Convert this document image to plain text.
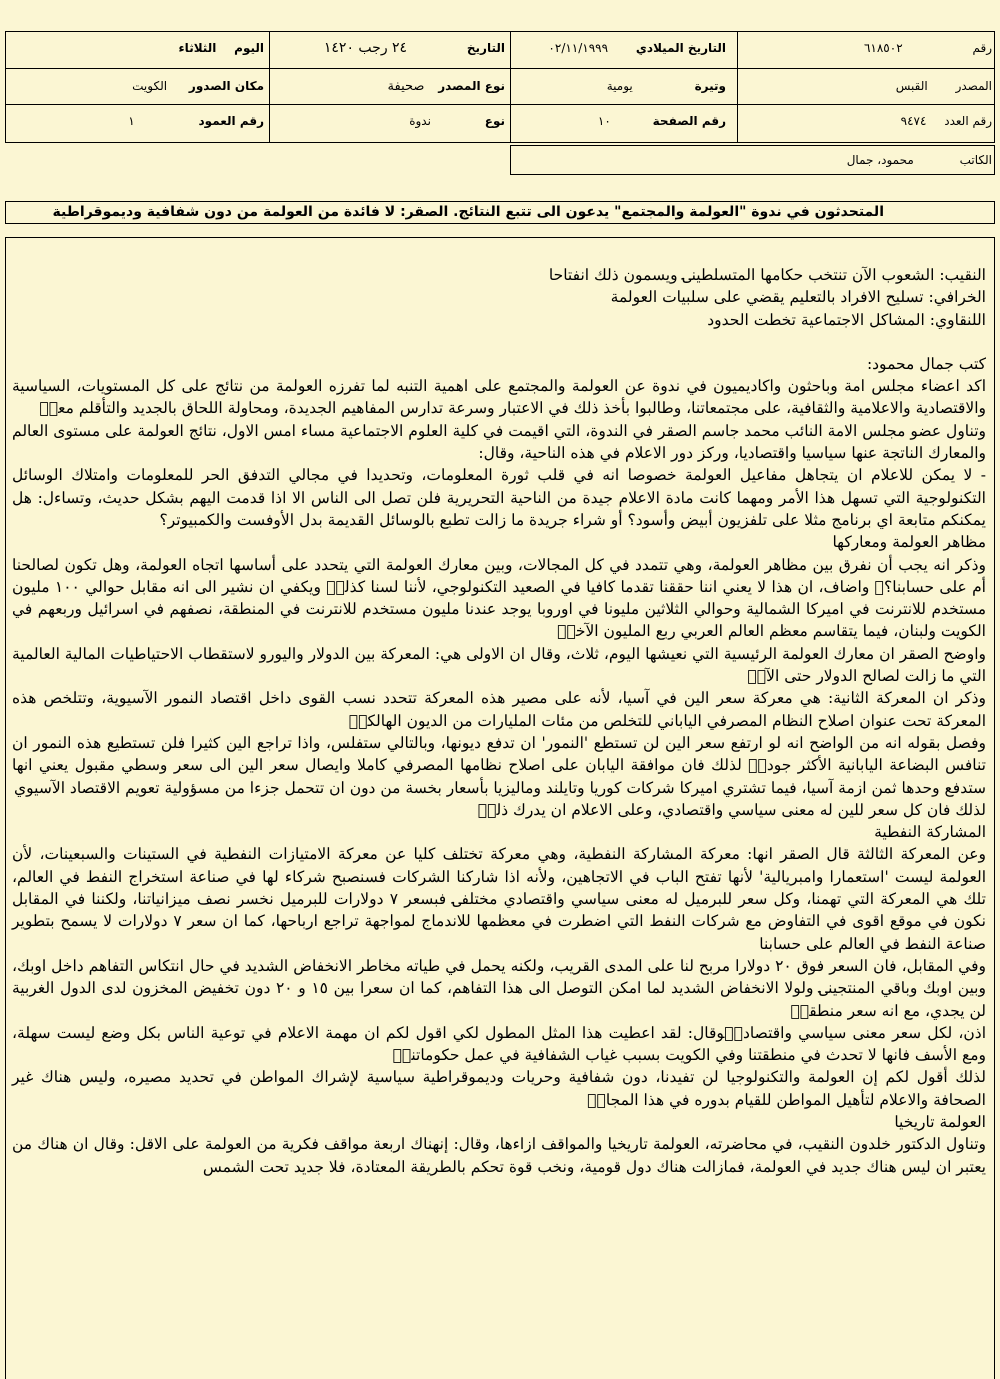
رقم ٦١٨٥٠٢
التاريخ الميلادي ٠٢/١١/١٩٩٩
التاريخ ٢٤ رجب ١٤٢٠
اليوم الثلاثاء
المصدر القبس
وتيرة يومية
نوع المصدر صحيفة
مكان الصدور الكويت
رقم العدد ٩٤٧٤
رقم الصفحة ١٠
نوع ندوة
رقم العمود ١
الكاتب محمود، جمال
المتحدثون في ندوة "العولمة والمجتمع" يدعون الى تتبع النتائج. الصقر: لا فائدة من العولمة من دون شفافية وديموقراطية

النقيب: الشعوب الآن تنتخب حكامها المتسلطينۍ ويسمون ذلك انفتاحا

الخرافي: تسليح الافراد بالتعليم يقضي على سلبيات العولمة

اللنقاوي: المشاكل الاجتماعية تخطت الحدود

كتب جمال محمود:

اكد اعضاء مجلس امة وباحثون واكاديميون في ندوة عن العولمة والمجتمع على اهمية التنبه لما تفرزه العولمة من نتائج على كل المستويات، السياسية والاقتصادية والاعلامية والثقافية، على مجتمعاتنا، وطالبوا بأخذ ذلك في الاعتبار وسرعة تدارس المفاهيم الجديدة، ومحاولة اللحاق بالجديد والتأقلم معهۭ

وتناول عضو مجلس الامة النائب محمد جاسم الصقر في الندوة، التي اقيمت في كلية العلوم الاجتماعية مساء امس الاول، نتائج العولمة على مستوى العالم والمعارك الناتجة عنها سياسيا واقتصاديا، وركز دور الاعلام في هذه الناحية، وقال:

- لا يمكن للاعلام ان يتجاهل مفاعيل العولمة خصوصا انه في قلب ثورة المعلومات، وتحديدا في مجالي التدفق الحر للمعلومات وامتلاك الوسائل التكنولوجية التي تسهل هذا الأمر ومهما كانت مادة الاعلام جيدة من الناحية التحريرية فلن تصل الى الناس الا اذا قدمت اليهم بشكل حديث، وتساءل: هل يمكنكم متابعة اي برنامج مثلا على تلفزيون أبيض وأسود؟ أو شراء جريدة ما زالت تطبع بالوسائل القديمة بدل الأوفست والكمبيوتر؟

مظاهر العولمة ومعاركها

وذكر انه يجب أن نفرق بين مظاهر العولمة، وهي تتمدد في كل المجالات، وبين معارك العولمة التي يتحدد على أساسها اتجاه العولمة، وهل تكون لصالحنا أم على حسابنا؟ۍ واضاف، ان هذا لا يعني اننا حققنا تقدما كافيا في الصعيد التكنولوجي، لأننا لسنا كذلكۭ ويكفي ان نشير الى انه مقابل حوالي ١٠٠ مليون مستخدم للانترنت في اميركا الشمالية وحوالي الثلاثين مليونا في اوروبا يوجد عندنا مليون مستخدم للانترنت في المنطقة، نصفهم في اسرائيل وربعهم في الكويت ولبنان، فيما يتقاسم معظم العالم العربي ربع المليون الآخرۭ

واوضح الصقر ان معارك العولمة الرئيسية التي نعيشها اليوم، ثلاث، وقال ان الاولى هي: المعركة بين الدولار واليورو لاستقطاب الاحتياطيات المالية العالمية التي ما زالت لصالح الدولار حتى الآنۭ

وذكر ان المعركة الثانية: هي معركة سعر الين في آسيا، لأنه على مصير هذه المعركة تتحدد نسب القوى داخل اقتصاد النمور الآسيوية، وتتلخص هذه المعركة تحت عنوان اصلاح النظام المصرفي الياباني للتخلص من مئات المليارات من الديون الهالكةۭ

وفصل بقوله انه من الواضح انه لو ارتفع سعر الين لن تستطع 'النمور' ان تدفع ديونها، وبالتالي ستفلس، واذا تراجع الين كثيرا فلن تستطيع هذه النمور ان تنافس البضاعة اليابانية الأكثر جودةۭ لذلك فان موافقة اليابان على اصلاح نظامها المصرفي كاملا وايصال سعر الين الى سعر وسطي مقبول يعني انها ستدفع وحدها ثمن ازمة آسيا، فيما تشتري اميركا شركات كوريا وتايلند وماليزيا بأسعار بخسة من دون ان تتحمل جزءا من مسؤولية تعويم الاقتصاد الآسيوي

لذلك فان كل سعر للين له معنى سياسي واقتصادي، وعلى الاعلام ان يدرك ذلكۭ

المشاركة النفطية

وعن المعركة الثالثة قال الصقر انها: معركة المشاركة النفطية، وهي معركة تختلف كليا عن معركة الامتيازات النفطية في الستينات والسبعينات، لأن العولمة ليست 'استعمارا وامبريالية' لأنها تفتح الباب في الاتجاهين، ولأنه اذا شاركنا الشركات فسنصبح شركاء لها في صناعة استخراج النفط في العالم، تلك هي المعركة التي تهمنا، وكل سعر للبرميل له معنى سياسي واقتصادي مختلفۍ فبسعر ٧ دولارات للبرميل نخسر نصف ميزانياتنا، ولكننا في المقابل نكون في موقع اقوى في التفاوض مع شركات النفط التي اضطرت في معظمها للاندماج لمواجهة تراجع ارباحها، كما ان سعر ٧ دولارات لا يسمح بتطوير صناعة النفط في العالم على حسابنا

وفي المقابل، فان السعر فوق ٢٠ دولارا مربح لنا على المدى القريب، ولكنه يحمل في طياته مخاطر الانخفاض الشديد في حال انتكاس التفاهم داخل اوبك، وبين اوبك وباقي المنتجينۍ ولولا الانخفاض الشديد لما امكن التوصل الى هذا التفاهم، كما ان سعرا بين ١٥ و ٢٠ دون تخفيض المخزون لدى الدول الغربية لن يجدي، مع انه سعر منطقيۭ

اذن، لكل سعر معنى سياسي واقتصاديۭوقال: لقد اعطيت هذا المثل المطول لكي اقول لكم ان مهمة الاعلام في توعية الناس بكل وضع ليست سهلة، ومع الأسف فانها لا تحدث في منطقتنا وفي الكويت بسبب غياب الشفافية في عمل حكوماتناۭ

لذلك أقول لكم إن العولمة والتكنولوجيا لن تفيدنا، دون شفافية وحريات وديموقراطية سياسية لإشراك المواطن في تحديد مصيره، وليس هناك غير الصحافة والاعلام لتأهيل المواطن للقيام بدوره في هذا المجالۭ

العولمة تاريخيا

وتناول الدكتور خلدون النقيب، في محاضرته، العولمة تاريخيا والمواقف ازاءها، وقال: إنهناك اربعة مواقف فكرية من العولمة على الاقل: وقال ان هناك من يعتبر ان ليس هناك جديد في العولمة، فمازالت هناك دول قومية، ونخب قوة تحكم بالطريقة المعتادة، فلا جديد تحت الشمس
